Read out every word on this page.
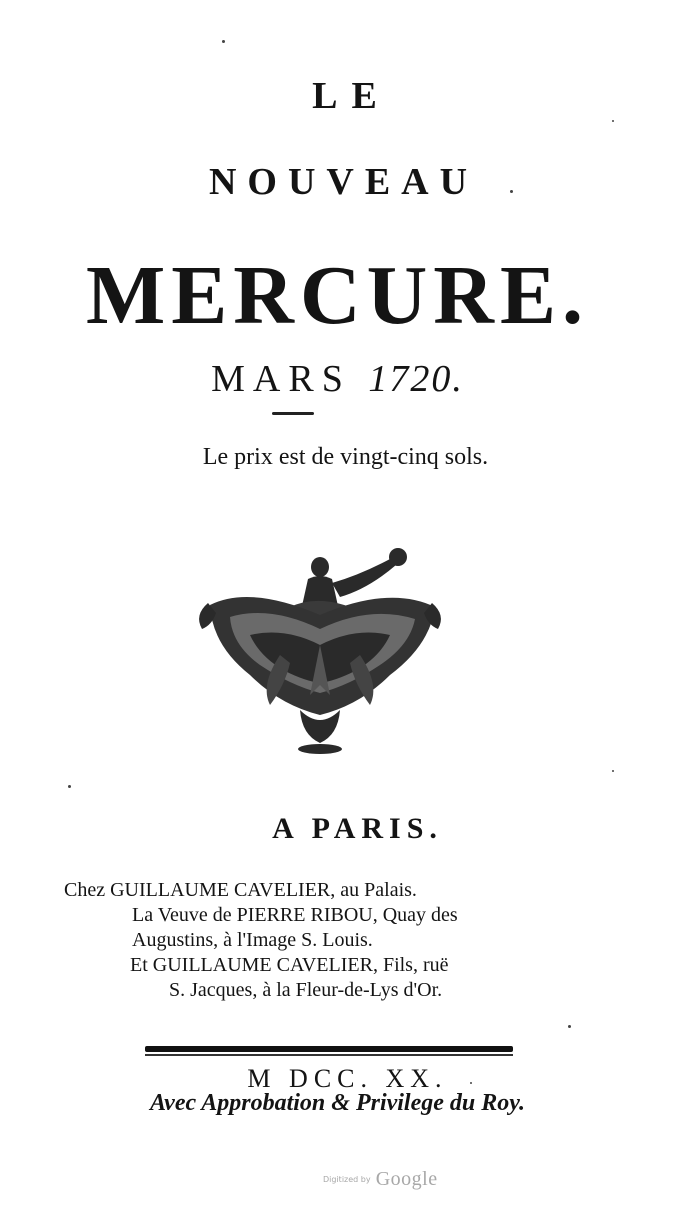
LE
NOUVEAU
MERCURE.
MARS 1720.
Le prix est de vingt-cinq sols.
A PARIS.
Chez GUILLAUME CAVELIER, au Palais.
La Veuve de PIERRE RIBOU, Quay des
Augustins, à l'Image S. Louis.
Et GUILLAUME CAVELIER, Fils, ruë
S. Jacques, à la Fleur-de-Lys d'Or.
M DCC. XX.
Avec Approbation & Privilege du Roy.
Digitized by Google
